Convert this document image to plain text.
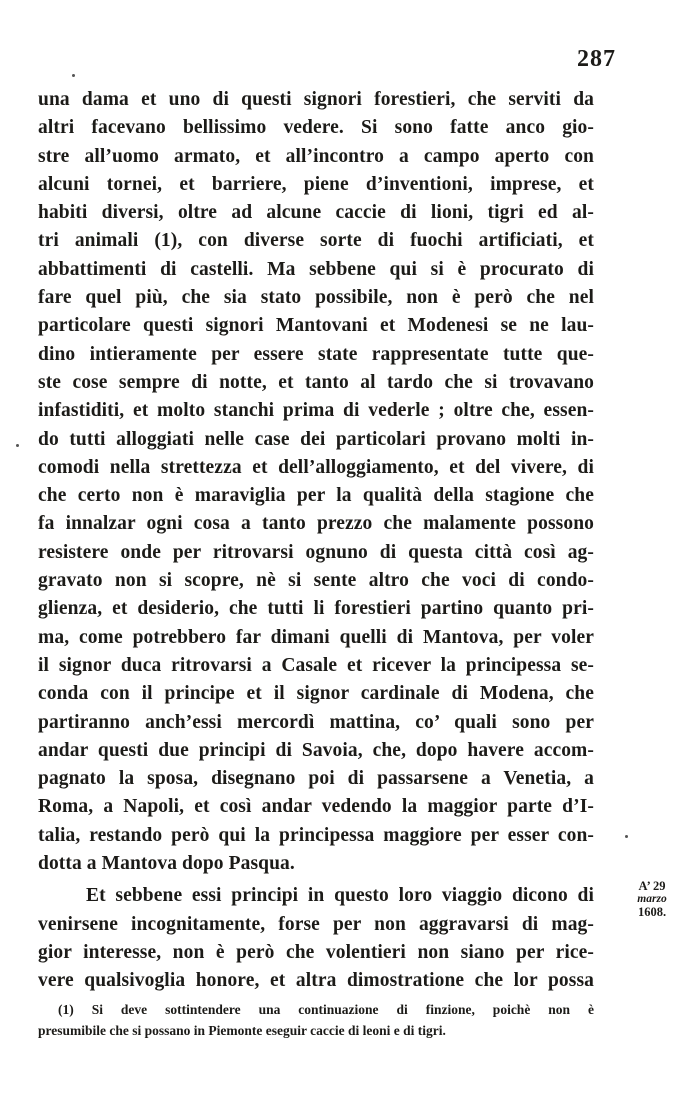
287
una dama et uno di questi signori forestieri, che serviti da
altri facevano bellissimo vedere. Si sono fatte anco gio-
stre all’uomo armato, et all’incontro a campo aperto con
alcuni tornei, et barriere, piene d’inventioni, imprese, et
habiti diversi, oltre ad alcune caccie di lioni, tigri ed al-
tri animali (1), con diverse sorte di fuochi artificiati, et
abbattimenti di castelli. Ma sebbene qui si è procurato di
fare quel più, che sia stato possibile, non è però che nel
particolare questi signori Mantovani et Modenesi se ne lau-
dino intieramente per essere state rappresentate tutte que-
ste cose sempre di notte, et tanto al tardo che si trovavano
infastiditi, et molto stanchi prima di vederle ; oltre che, essen-
do tutti alloggiati nelle case dei particolari provano molti in-
comodi nella strettezza et dell’alloggiamento, et del vivere, di
che certo non è maraviglia per la qualità della stagione che
fa innalzar ogni cosa a tanto prezzo che malamente possono
resistere onde per ritrovarsi ognuno di questa città così ag-
gravato non si scopre, nè si sente altro che voci di condo-
glienza, et desiderio, che tutti li forestieri partino quanto pri-
ma, come potrebbero far dimani quelli di Mantova, per voler
il signor duca ritrovarsi a Casale et ricever la principessa se-
conda con il principe et il signor cardinale di Modena, che
partiranno anch’essi mercordì mattina, co’ quali sono per
andar questi due principi di Savoia, che, dopo havere accom-
pagnato la sposa, disegnano poi di passarsene a Venetia, a
Roma, a Napoli, et così andar vedendo la maggior parte d’I-
talia, restando però qui la principessa maggiore per esser con-
dotta a Mantova dopo Pasqua.
Et sebbene essi principi in questo loro viaggio dicono di
venirsene incognitamente, forse per non aggravarsi di mag-
gior interesse, non è però che volentieri non siano per rice-
vere qualsivoglia honore, et altra dimostratione che lor possa
A’ 29
marzo
1608.
(1) Si deve sottintendere una continuazione di finzione, poichè non è
presumibile che si possano in Piemonte eseguir caccie di leoni e di tigri.
